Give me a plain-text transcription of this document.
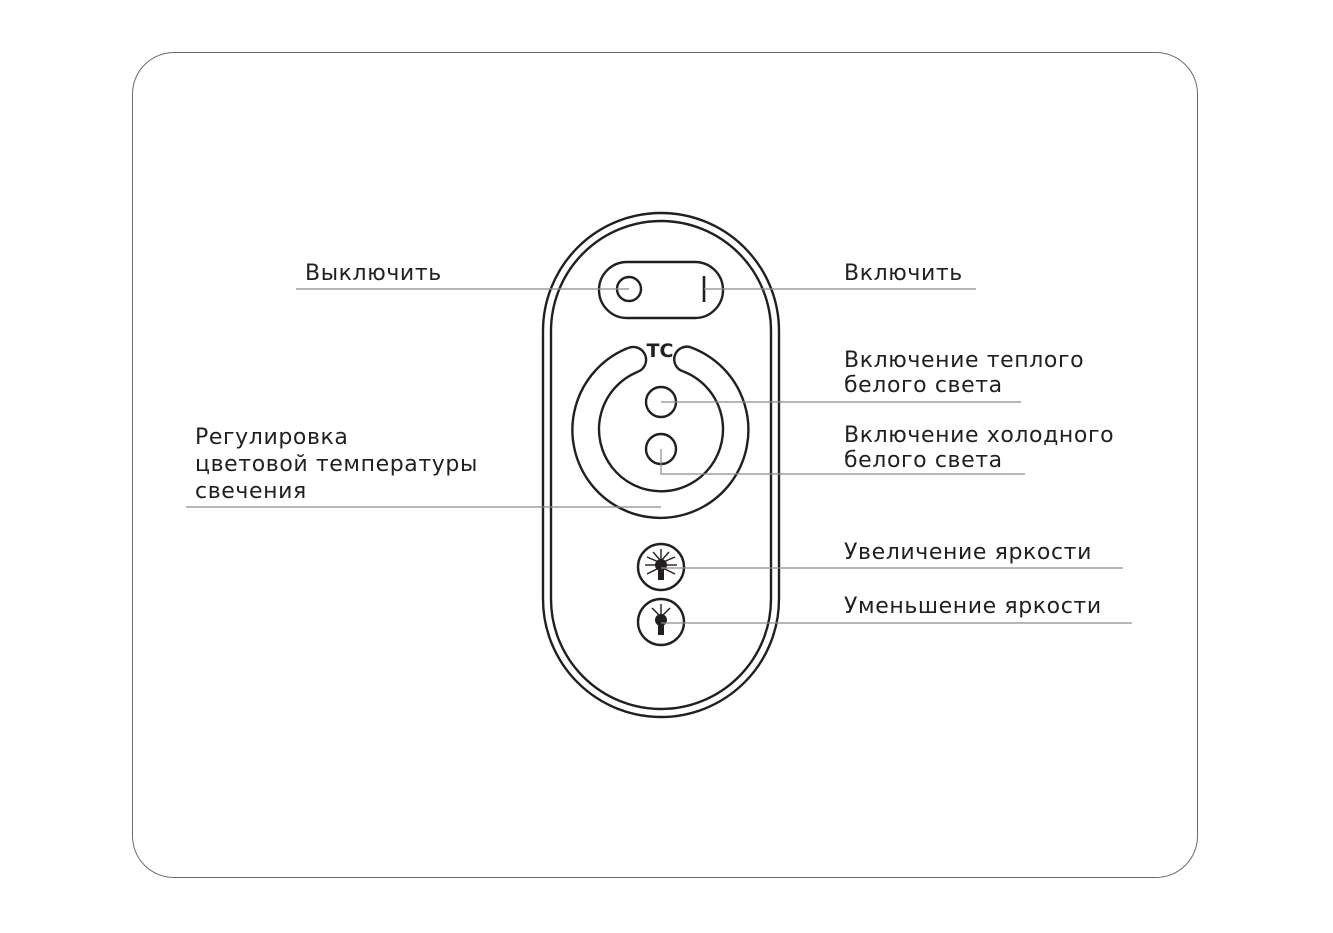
TC
Выключить	Включить
Включение теплого
белого света
Включение холодного
белого света
Регулировка
цветовой температуры
свечения
Увеличение яркости
Уменьшение яркости
